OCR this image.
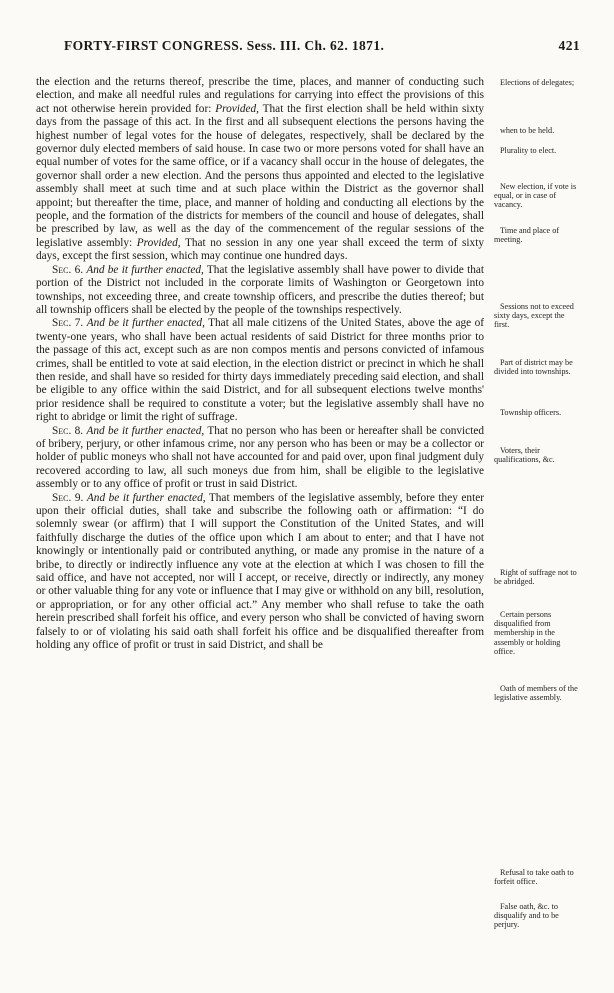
FORTY-FIRST CONGRESS. Sess. III. Ch. 62. 1871.	421

the election and the returns thereof, prescribe the time, places, and manner of conducting such election, and make all needful rules and regulations for carrying into effect the provisions of this act not otherwise herein provided for: Provided, That the first election shall be held within sixty days from the passage of this act. In the first and all subsequent elections the persons having the highest number of legal votes for the house of delegates, respectively, shall be declared by the governor duly elected members of said house. In case two or more persons voted for shall have an equal number of votes for the same office, or if a vacancy shall occur in the house of delegates, the governor shall order a new election. And the persons thus appointed and elected to the legislative assembly shall meet at such time and at such place within the District as the governor shall appoint; but thereafter the time, place, and manner of holding and conducting all elections by the people, and the formation of the districts for members of the council and house of delegates, shall be prescribed by law, as well as the day of the commencement of the regular sessions of the legislative assembly: Provided, That no session in any one year shall exceed the term of sixty days, except the first session, which may continue one hundred days.

Sec. 6. And be it further enacted, That the legislative assembly shall have power to divide that portion of the District not included in the corporate limits of Washington or Georgetown into townships, not exceeding three, and create township officers, and prescribe the duties thereof; but all township officers shall be elected by the people of the townships respectively.

Sec. 7. And be it further enacted, That all male citizens of the United States, above the age of twenty-one years, who shall have been actual residents of said District for three months prior to the passage of this act, except such as are non compos mentis and persons convicted of infamous crimes, shall be entitled to vote at said election, in the election district or precinct in which he shall then reside, and shall have so resided for thirty days immediately preceding said election, and shall be eligible to any office within the said District, and for all subsequent elections twelve months' prior residence shall be required to constitute a voter; but the legislative assembly shall have no right to abridge or limit the right of suffrage.

Sec. 8. And be it further enacted, That no person who has been or hereafter shall be convicted of bribery, perjury, or other infamous crime, nor any person who has been or may be a collector or holder of public moneys who shall not have accounted for and paid over, upon final judgment duly recovered according to law, all such moneys due from him, shall be eligible to the legislative assembly or to any office of profit or trust in said District.

Sec. 9. And be it further enacted, That members of the legislative assembly, before they enter upon their official duties, shall take and subscribe the following oath or affirmation: “I do solemnly swear (or affirm) that I will support the Constitution of the United States, and will faithfully discharge the duties of the office upon which I am about to enter; and that I have not knowingly or intentionally paid or contributed anything, or made any promise in the nature of a bribe, to directly or indirectly influence any vote at the election at which I was chosen to fill the said office, and have not accepted, nor will I accept, or receive, directly or indirectly, any money or other valuable thing for any vote or influence that I may give or withhold on any bill, resolution, or appropriation, or for any other official act.” Any member who shall refuse to take the oath herein prescribed shall forfeit his office, and every person who shall be convicted of having sworn falsely to or of violating his said oath shall forfeit his office and be disqualified thereafter from holding any office of profit or trust in said District, and shall be

Elections of delegates;
when to be held.
Plurality to elect.
New election, if vote is equal, or in case of vacancy.
Time and place of meeting.
Sessions not to exceed sixty days, except the first.
Part of district may be divided into townships.
Township officers.
Voters, their qualifications, &c.
Right of suffrage not to be abridged.
Certain persons disqualified from membership in the assembly or holding office.
Oath of members of the legislative assembly.
Refusal to take oath to forfeit office.
False oath, &c. to disqualify and to be perjury.
